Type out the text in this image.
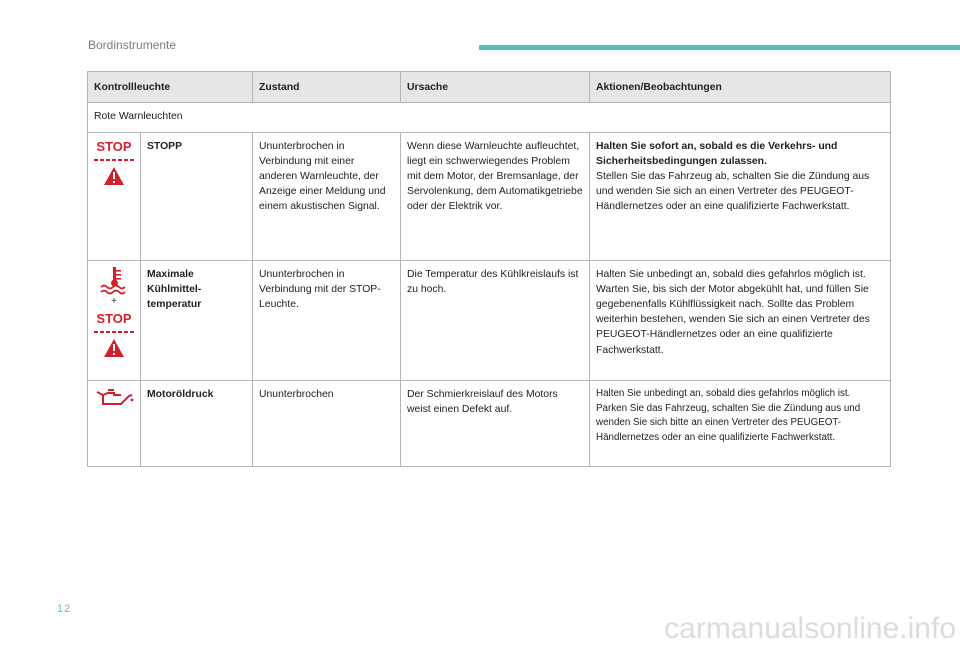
Bordinstrumente
Kontrollleuchte		Zustand	Ursache	Aktionen/Beobachtungen
Rote Warnleuchten				

STOP	STOPP	Ununterbrochen in Verbindung mit einer anderen Warnleuchte, der Anzeige einer Meldung und einem akustischen Signal.	Wenn diese Warnleuchte aufleuchtet, liegt ein schwerwiegendes Problem mit dem Motor, der Bremsanlage, der Servolenkung, dem Automatikgetriebe oder der Elektrik vor.	Halten Sie sofort an, sobald es die Verkehrs- und Sicherheitsbedingungen zulassen.
Stellen Sie das Fahrzeug ab, schalten Sie die Zündung aus und wenden Sie sich an einen Vertreter des PEUGEOT-Händlernetzes oder an eine qualifizierte Fachwerkstatt.

+
STOP	Maximale Kühlmittel-temperatur	Ununterbrochen in Verbindung mit der STOP-Leuchte.	Die Temperatur des Kühlkreislaufs ist zu hoch.	Halten Sie unbedingt an, sobald dies gefahrlos möglich ist. Warten Sie, bis sich der Motor abgekühlt hat, und füllen Sie gegebenenfalls Kühlflüssigkeit nach. Sollte das Problem weiterhin bestehen, wenden Sie sich an einen Vertreter des PEUGEOT-Händlernetzes oder an eine qualifizierte Fachwerkstatt.

	Motoröldruck	Ununterbrochen	Der Schmierkreislauf des Motors weist einen Defekt auf.	Halten Sie unbedingt an, sobald dies gefahrlos möglich ist. Parken Sie das Fahrzeug, schalten Sie die Zündung aus und wenden Sie sich bitte an einen Vertreter des PEUGEOT-Händlernetzes oder an eine qualifizierte Fachwerkstatt.
12
carmanualsonline.info
